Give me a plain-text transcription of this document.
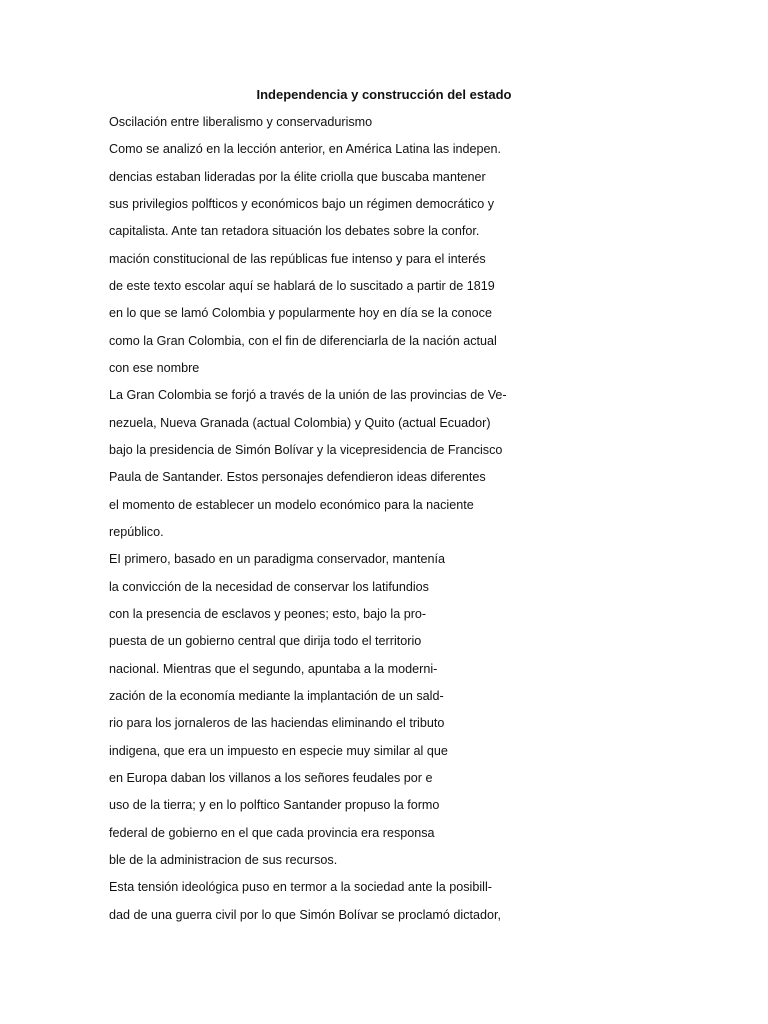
Independencia y construcción del estado
Oscilación entre liberalismo y conservadurismo
Como se analizó en la lección anterior, en América Latina las indepen.
dencias estaban lideradas por la élite criolla que buscaba mantener
sus privilegios polfticos y económicos bajo un régimen democrático y
capitalista. Ante tan retadora situación los debates sobre la confor.
mación constitucional de las repúblicas fue intenso y para el interés
de este texto escolar aquí se hablará de lo suscitado a partir de 1819
en lo que se lamó Colombia y popularmente hoy en día se la conoce
como la Gran Colombia, con el fin de diferenciarla de la nación actual
con ese nombre
La Gran Colombia se forjó a través de la unión de las provincias de Ve-
nezuela, Nueva Granada (actual Colombia) y Quito (actual Ecuador)
bajo la presidencia de Simón Bolívar y la vicepresidencia de Francisco
Paula de Santander. Estos personajes defendieron ideas diferentes
el momento de establecer un modelo económico para la naciente
repúblico.
EI primero, basado en un paradigma conservador, mantenía
la convicción de la necesidad de conservar los latifundios
con la presencia de esclavos y peones; esto, bajo la pro-
puesta de un gobierno central que dirija todo el territorio
nacional. Mientras que el segundo, apuntaba a la moderni-
zación de la economía mediante la implantación de un sald-
rio para los jornaleros de las haciendas eliminando el tributo
indigena, que era un impuesto en especie muy similar al que
en Europa daban los villanos a los señores feudales por e
uso de la tierra; y en lo polftico Santander propuso la formo
federal de gobierno en el que cada provincia era responsa
ble de la administracion de sus recursos.
Esta tensión ideológica puso en termor a la sociedad ante la posibill-
dad de una guerra civil por lo que Simón Bolívar se proclamó dictador,
